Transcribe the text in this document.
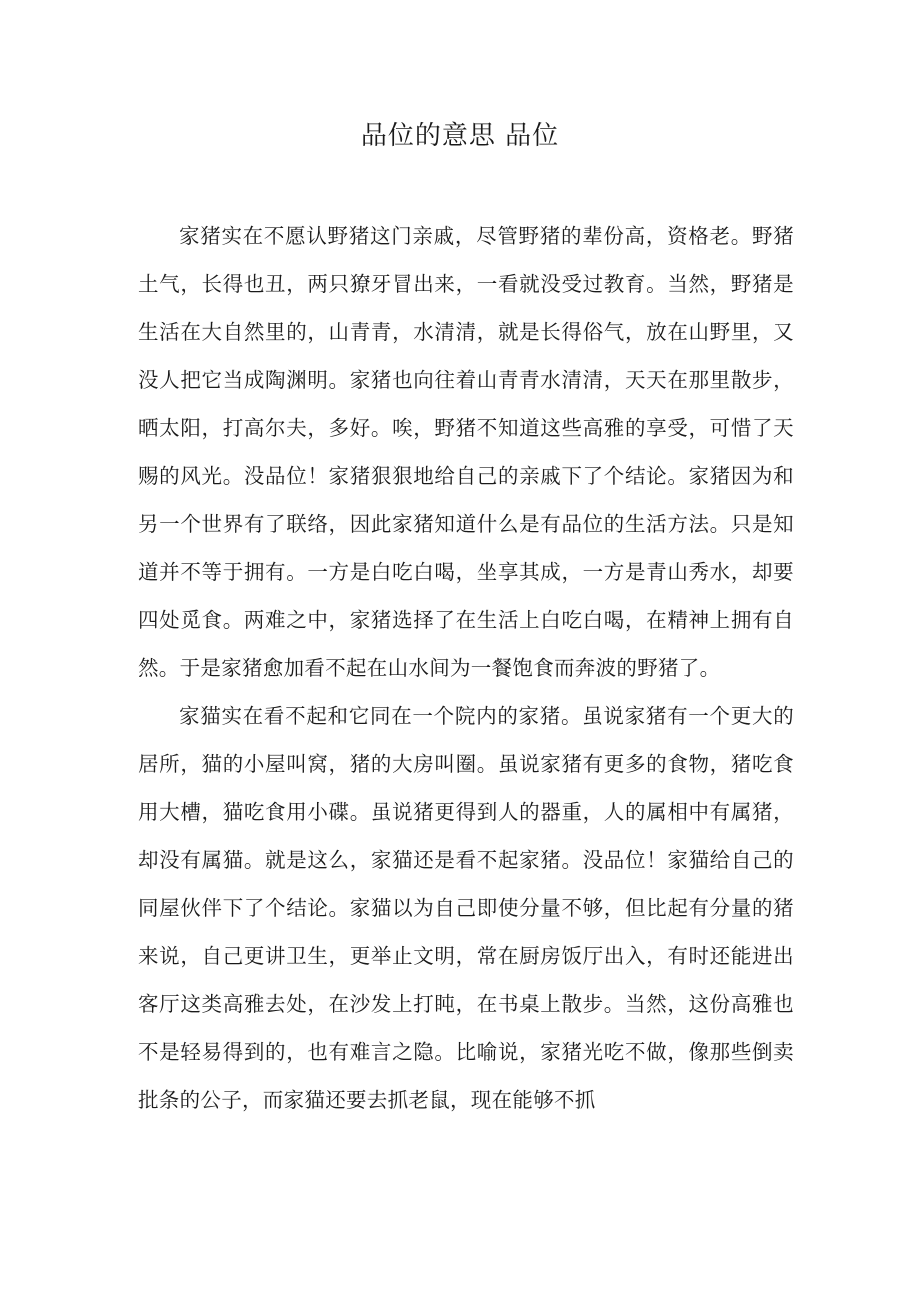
品位的意思 品位

家猪实在不愿认野猪这门亲戚，尽管野猪的辈份高，资格老。野猪土气，长得也丑，两只獠牙冒出来，一看就没受过教育。当然，野猪是生活在大自然里的，山青青，水清清，就是长得俗气，放在山野里，又没人把它当成陶渊明。家猪也向往着山青青水清清，天天在那里散步，晒太阳，打高尔夫，多好。唉，野猪不知道这些高雅的享受，可惜了天赐的风光。没品位！家猪狠狠地给自己的亲戚下了个结论。家猪因为和另一个世界有了联络，因此家猪知道什么是有品位的生活方法。只是知道并不等于拥有。一方是白吃白喝，坐享其成，一方是青山秀水，却要四处觅食。两难之中，家猪选择了在生活上白吃白喝，在精神上拥有自然。于是家猪愈加看不起在山水间为一餐饱食而奔波的野猪了。

家猫实在看不起和它同在一个院内的家猪。虽说家猪有一个更大的居所，猫的小屋叫窝，猪的大房叫圈。虽说家猪有更多的食物，猪吃食用大槽，猫吃食用小碟。虽说猪更得到人的器重，人的属相中有属猪，却没有属猫。就是这么，家猫还是看不起家猪。没品位！家猫给自己的同屋伙伴下了个结论。家猫以为自己即使分量不够，但比起有分量的猪来说，自己更讲卫生，更举止文明，常在厨房饭厅出入，有时还能进出客厅这类高雅去处，在沙发上打盹，在书桌上散步。当然，这份高雅也不是轻易得到的，也有难言之隐。比喻说，家猪光吃不做，像那些倒卖批条的公子，而家猫还要去抓老鼠，现在能够不抓
